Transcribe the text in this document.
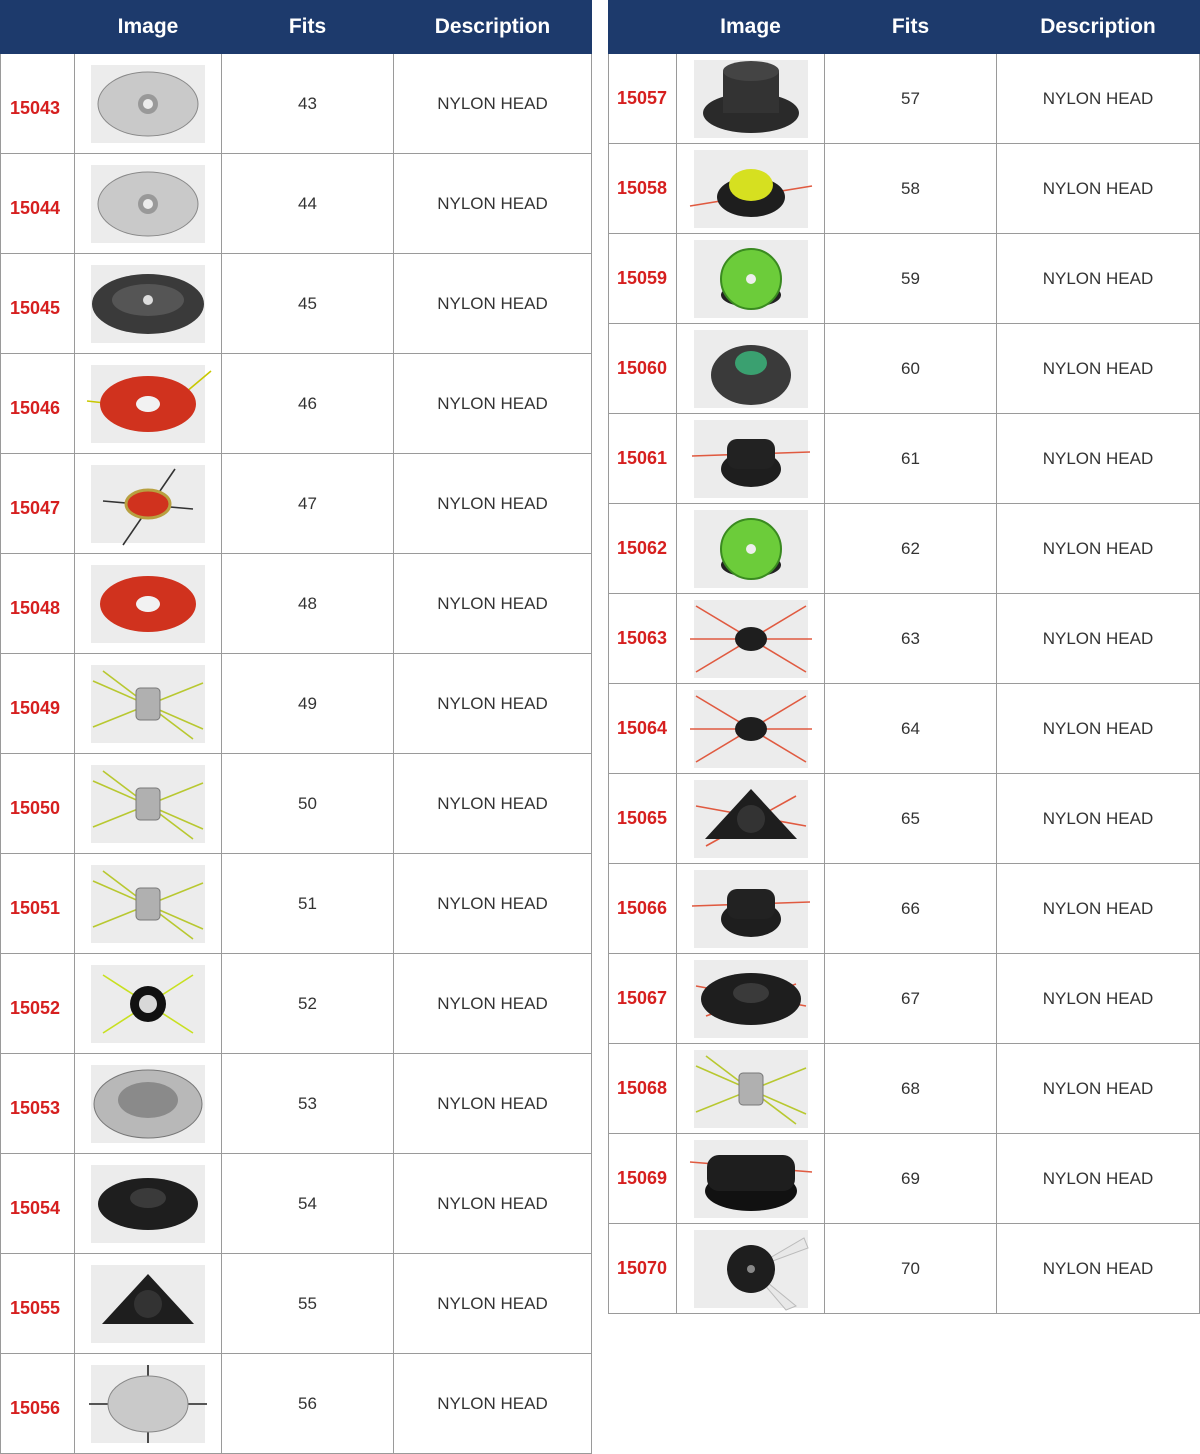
	Image	Fits	Description
15043		43	NYLON HEAD
15044		44	NYLON HEAD
15045		45	NYLON HEAD
15046		46	NYLON HEAD
15047		47	NYLON HEAD
15048		48	NYLON HEAD
15049		49	NYLON HEAD
15050		50	NYLON HEAD
15051		51	NYLON HEAD
15052		52	NYLON HEAD
15053		53	NYLON HEAD
15054		54	NYLON HEAD
15055		55	NYLON HEAD
15056		56	NYLON HEAD
	Image	Fits	Description
15057		57	NYLON HEAD
15058		58	NYLON HEAD
15059		59	NYLON HEAD
15060		60	NYLON HEAD
15061		61	NYLON HEAD
15062		62	NYLON HEAD
15063		63	NYLON HEAD
15064		64	NYLON HEAD
15065		65	NYLON HEAD
15066		66	NYLON HEAD
15067		67	NYLON HEAD
15068		68	NYLON HEAD
15069		69	NYLON HEAD
15070		70	NYLON HEAD
